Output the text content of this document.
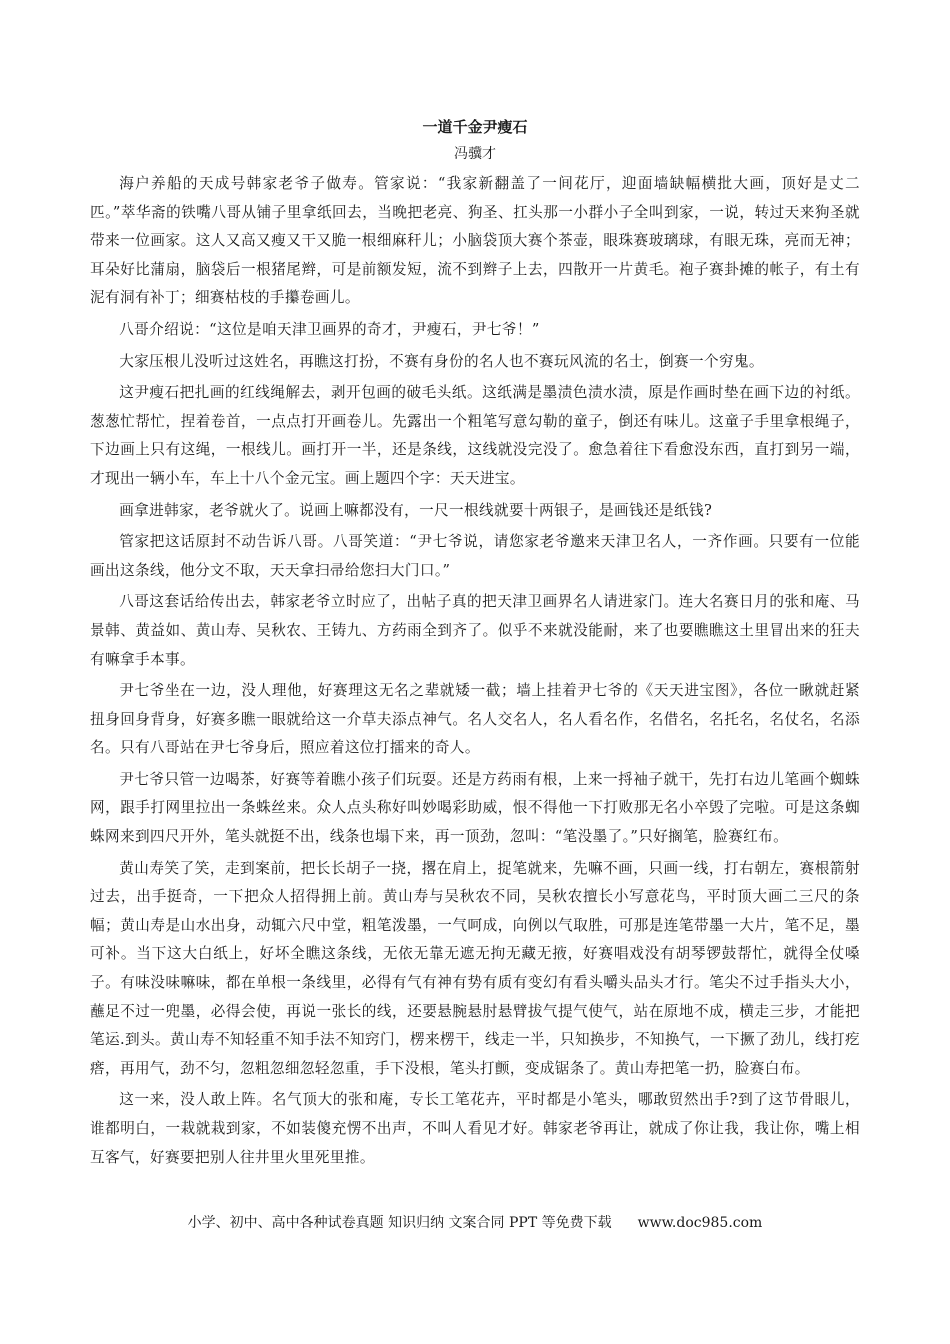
一道千金尹瘦石
冯骥才

海户养船的天成号韩家老爷子做寿。管家说：“我家新翻盖了一间花厅，迎面墙缺幅横批大画，顶好是丈二匹。”萃华斋的铁嘴八哥从铺子里拿纸回去，当晚把老亮、狗圣、扛头那一小群小子全叫到家，一说，转过天来狗圣就带来一位画家。这人又高又瘦又干又脆一根细麻秆儿；小脑袋顶大赛个茶壶，眼珠赛玻璃球，有眼无珠，亮而无神；耳朵好比蒲扇，脑袋后一根猪尾辫，可是前额发短，流不到辫子上去，四散开一片黄毛。袍子赛卦摊的帐子，有土有泥有洞有补丁；细赛枯枝的手攥卷画儿。

八哥介绍说：“这位是咱天津卫画界的奇才，尹瘦石，尹七爷！”

大家压根儿没听过这姓名，再瞧这打扮，不赛有身份的名人也不赛玩风流的名士，倒赛一个穷鬼。

这尹瘦石把扎画的红线绳解去，剥开包画的破毛头纸。这纸满是墨渍色渍水渍，原是作画时垫在画下边的衬纸。葱葱忙帮忙，捏着卷首，一点点打开画卷儿。先露出一个粗笔写意勾勒的童子，倒还有味儿。这童子手里拿根绳子，下边画上只有这绳，一根线儿。画打开一半，还是条线，这线就没完没了。愈急着往下看愈没东西，直打到另一端，才现出一辆小车，车上十八个金元宝。画上题四个字：天天进宝。

画拿进韩家，老爷就火了。说画上嘛都没有，一尺一根线就要十两银子，是画钱还是纸钱?

管家把这话原封不动告诉八哥。八哥笑道：“尹七爷说，请您家老爷邀来天津卫名人，一齐作画。只要有一位能画出这条线，他分文不取，天天拿扫帚给您扫大门口。”

八哥这套话给传出去，韩家老爷立时应了，出帖子真的把天津卫画界名人请进家门。连大名赛日月的张和庵、马景韩、黄益如、黄山寿、吴秋农、王铸九、方药雨全到齐了。似乎不来就没能耐，来了也要瞧瞧这土里冒出来的狂夫有嘛拿手本事。

尹七爷坐在一边，没人理他，好赛理这无名之辈就矮一截；墙上挂着尹七爷的《天天进宝图》，各位一瞅就赶紧扭身回身背身，好赛多瞧一眼就给这一介草夫添点神气。名人交名人，名人看名作，名借名，名托名，名仗名，名添名。只有八哥站在尹七爷身后，照应着这位打擂来的奇人。

尹七爷只管一边喝茶，好赛等着瞧小孩子们玩耍。还是方药雨有根，上来一捋袖子就干，先打右边儿笔画个蜘蛛网，跟手打网里拉出一条蛛丝来。众人点头称好叫妙喝彩助威，恨不得他一下打败那无名小卒毁了完啦。可是这条蜘蛛网来到四尺开外，笔头就挺不出，线条也塌下来，再一顶劲，忽叫：“笔没墨了。”只好搁笔，脸赛红布。

黄山寿笑了笑，走到案前，把长长胡子一挠，撂在肩上，捉笔就来，先嘛不画，只画一线，打右朝左，赛根箭射过去，出手挺奇，一下把众人招得拥上前。黄山寿与吴秋农不同，吴秋农擅长小写意花鸟，平时顶大画二三尺的条幅；黄山寿是山水出身，动辄六尺中堂，粗笔泼墨，一气呵成，向例以气取胜，可那是连笔带墨一大片，笔不足，墨可补。当下这大白纸上，好坏全瞧这条线，无依无靠无遮无拘无藏无掖，好赛唱戏没有胡琴锣鼓帮忙，就得全仗嗓子。有味没味嘛味，都在单根一条线里，必得有气有神有势有质有变幻有看头嚼头品头才行。笔尖不过手指头大小，蘸足不过一兜墨，必得会使，再说一张长的线，还要悬腕悬肘悬臂拔气提气使气，站在原地不成，横走三步，才能把笔运.到头。黄山寿不知轻重不知手法不知窍门，楞来楞干，线走一半，只知换步，不知换气，一下撅了劲儿，线打疙瘩，再用气，劲不匀，忽粗忽细忽轻忽重，手下没根，笔头打颤，变成锯条了。黄山寿把笔一扔，脸赛白布。

这一来，没人敢上阵。名气顶大的张和庵，专长工笔花卉，平时都是小笔头，哪敢贸然出手?到了这节骨眼儿，谁都明白，一栽就栽到家，不如装傻充愣不出声，不叫人看见才好。韩家老爷再让，就成了你让我，我让你，嘴上相互客气，好赛要把别人往井里火里死里推。

小学、初中、高中各种试卷真题 知识归纳 文案合同 PPT 等免费下载 www.doc985.com
